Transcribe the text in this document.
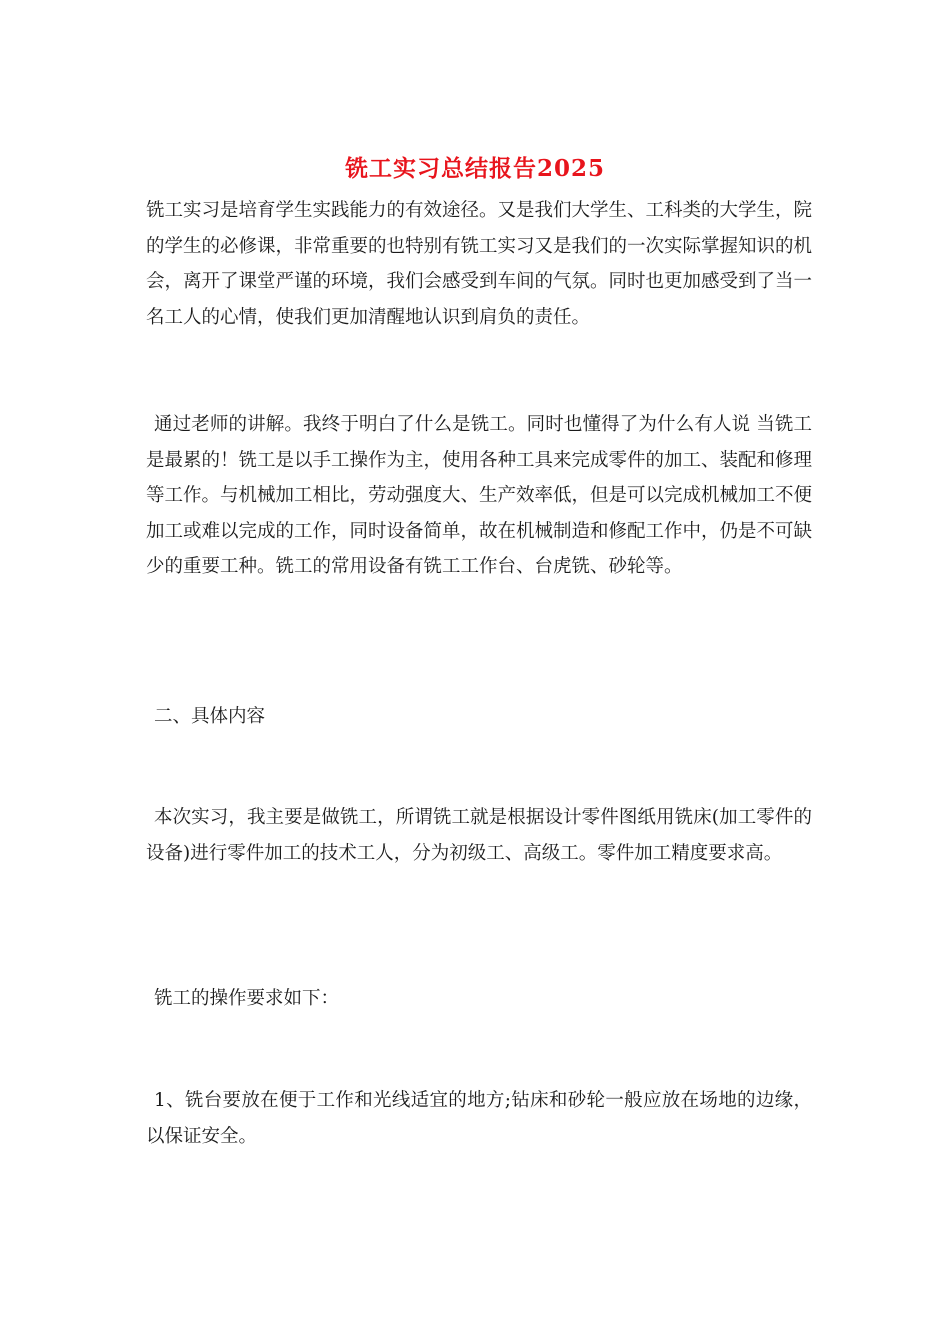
铣工实习总结报告2025

铣工实习是培育学生实践能力的有效途径。又是我们大学生、工科类的大学生，院的学生的必修课，非常重要的也特别有铣工实习又是我们的一次实际掌握知识的机会，离开了课堂严谨的环境，我们会感受到车间的气氛。同时也更加感受到了当一名工人的心情，使我们更加清醒地认识到肩负的责任。

通过老师的讲解。我终于明白了什么是铣工。同时也懂得了为什么有人说 当铣工是最累的！铣工是以手工操作为主，使用各种工具来完成零件的加工、装配和修理等工作。与机械加工相比，劳动强度大、生产效率低，但是可以完成机械加工不便加工或难以完成的工作，同时设备简单，故在机械制造和修配工作中，仍是不可缺少的重要工种。铣工的常用设备有铣工工作台、台虎铣、砂轮等。

二、具体内容

本次实习，我主要是做铣工，所谓铣工就是根据设计零件图纸用铣床(加工零件的设备)进行零件加工的技术工人，分为初级工、高级工。零件加工精度要求高。

铣工的操作要求如下：

1、铣台要放在便于工作和光线适宜的地方;钻床和砂轮一般应放在场地的边缘，以保证安全。
